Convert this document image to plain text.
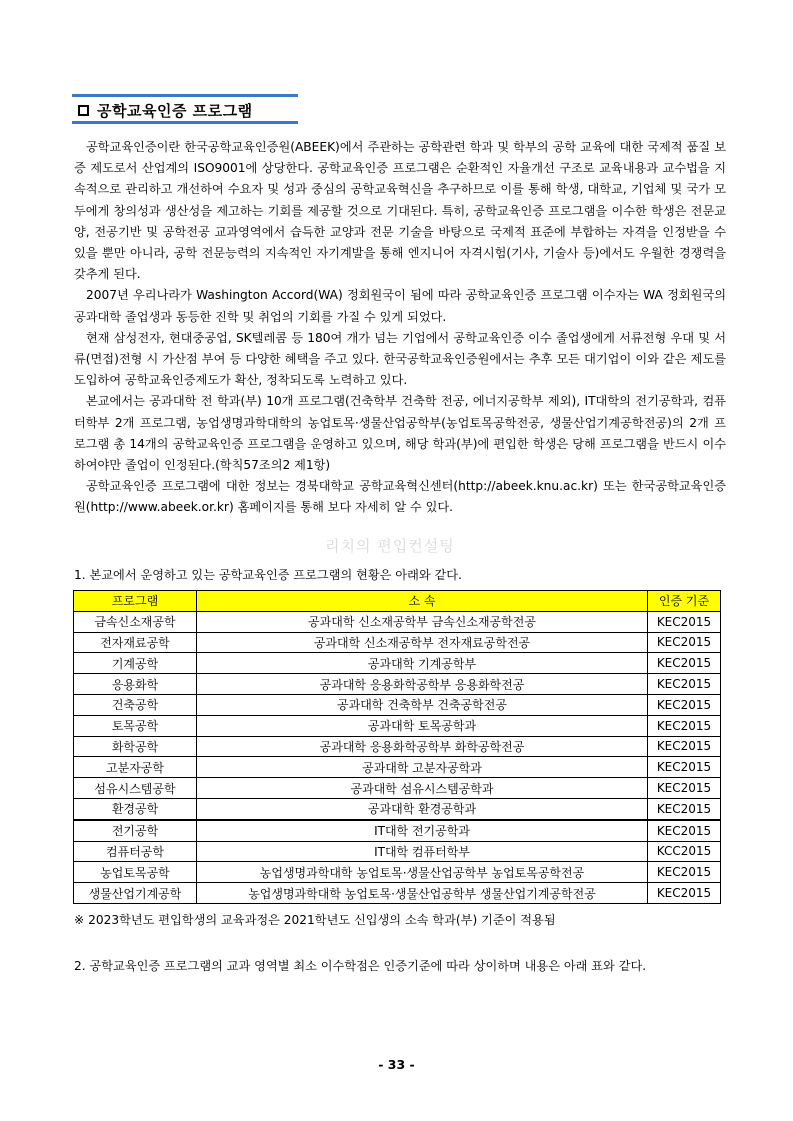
공학교육인증 프로그램

공학교육인증이란 한국공학교육인증원(ABEEK)에서 주관하는 공학관련 학과 및 학부의 공학 교육에 대한 국제적 품질 보증 제도로서 산업계의 ISO9001에 상당한다. 공학교육인증 프로그램은 순환적인 자율개선 구조로 교육내용과 교수법을 지속적으로 관리하고 개선하여 수요자 및 성과 중심의 공학교육혁신을 추구하므로 이를 통해 학생, 대학교, 기업체 및 국가 모두에게 창의성과 생산성을 제고하는 기회를 제공할 것으로 기대된다. 특히, 공학교육인증 프로그램을 이수한 학생은 전문교양, 전공기반 및 공학전공 교과영역에서 습득한 교양과 전문 기술을 바탕으로 국제적 표준에 부합하는 자격을 인정받을 수 있을 뿐만 아니라, 공학 전문능력의 지속적인 자기계발을 통해 엔지니어 자격시험(기사, 기술사 등)에서도 우월한 경쟁력을 갖추게 된다.

2007년 우리나라가 Washington Accord(WA) 정회원국이 됨에 따라 공학교육인증 프로그램 이수자는 WA 정회원국의 공과대학 졸업생과 동등한 진학 및 취업의 기회를 가질 수 있게 되었다.

현재 삼성전자, 현대중공업, SK텔레콤 등 180여 개가 넘는 기업에서 공학교육인증 이수 졸업생에게 서류전형 우대 및 서류(면접)전형 시 가산점 부여 등 다양한 혜택을 주고 있다. 한국공학교육인증원에서는 추후 모든 대기업이 이와 같은 제도를 도입하여 공학교육인증제도가 확산, 정착되도록 노력하고 있다.

본교에서는 공과대학 전 학과(부) 10개 프로그램(건축학부 건축학 전공, 에너지공학부 제외), IT대학의 전기공학과, 컴퓨터학부 2개 프로그램, 농업생명과학대학의 농업토목·생물산업공학부(농업토목공학전공, 생물산업기계공학전공)의 2개 프로그램 총 14개의 공학교육인증 프로그램을 운영하고 있으며, 해당 학과(부)에 편입한 학생은 당해 프로그램을 반드시 이수하여야만 졸업이 인정된다.(학칙57조의2 제1항)

공학교육인증 프로그램에 대한 정보는 경북대학교 공학교육혁신센터(http://abeek.knu.ac.kr) 또는 한국공학교육인증원(http://www.abeek.or.kr) 홈페이지를 통해 보다 자세히 알 수 있다.

리치의 편입컨설팅
1. 본교에서 운영하고 있는 공학교육인증 프로그램의 현황은 아래와 같다.
프로그램	소 속	인증 기준
금속신소재공학	공과대학 신소재공학부 금속신소재공학전공	KEC2015
전자재료공학	공과대학 신소재공학부 전자재료공학전공	KEC2015
기계공학	공과대학 기계공학부	KEC2015
응용화학	공과대학 응용화학공학부 응용화학전공	KEC2015
건축공학	공과대학 건축학부 건축공학전공	KEC2015
토목공학	공과대학 토목공학과	KEC2015
화학공학	공과대학 응용화학공학부 화학공학전공	KEC2015
고분자공학	공과대학 고분자공학과	KEC2015
섬유시스템공학	공과대학 섬유시스템공학과	KEC2015
환경공학	공과대학 환경공학과	KEC2015
전기공학	IT대학 전기공학과	KEC2015
컴퓨터공학	IT대학 컴퓨터학부	KCC2015
농업토목공학	농업생명과학대학 농업토목·생물산업공학부 농업토목공학전공	KEC2015
생물산업기계공학	농업생명과학대학 농업토목·생물산업공학부 생물산업기계공학전공	KEC2015
※ 2023학년도 편입학생의 교육과정은 2021학년도 신입생의 소속 학과(부) 기준이 적용됨
2. 공학교육인증 프로그램의 교과 영역별 최소 이수학점은 인증기준에 따라 상이하며 내용은 아래 표와 같다.
- 33 -
